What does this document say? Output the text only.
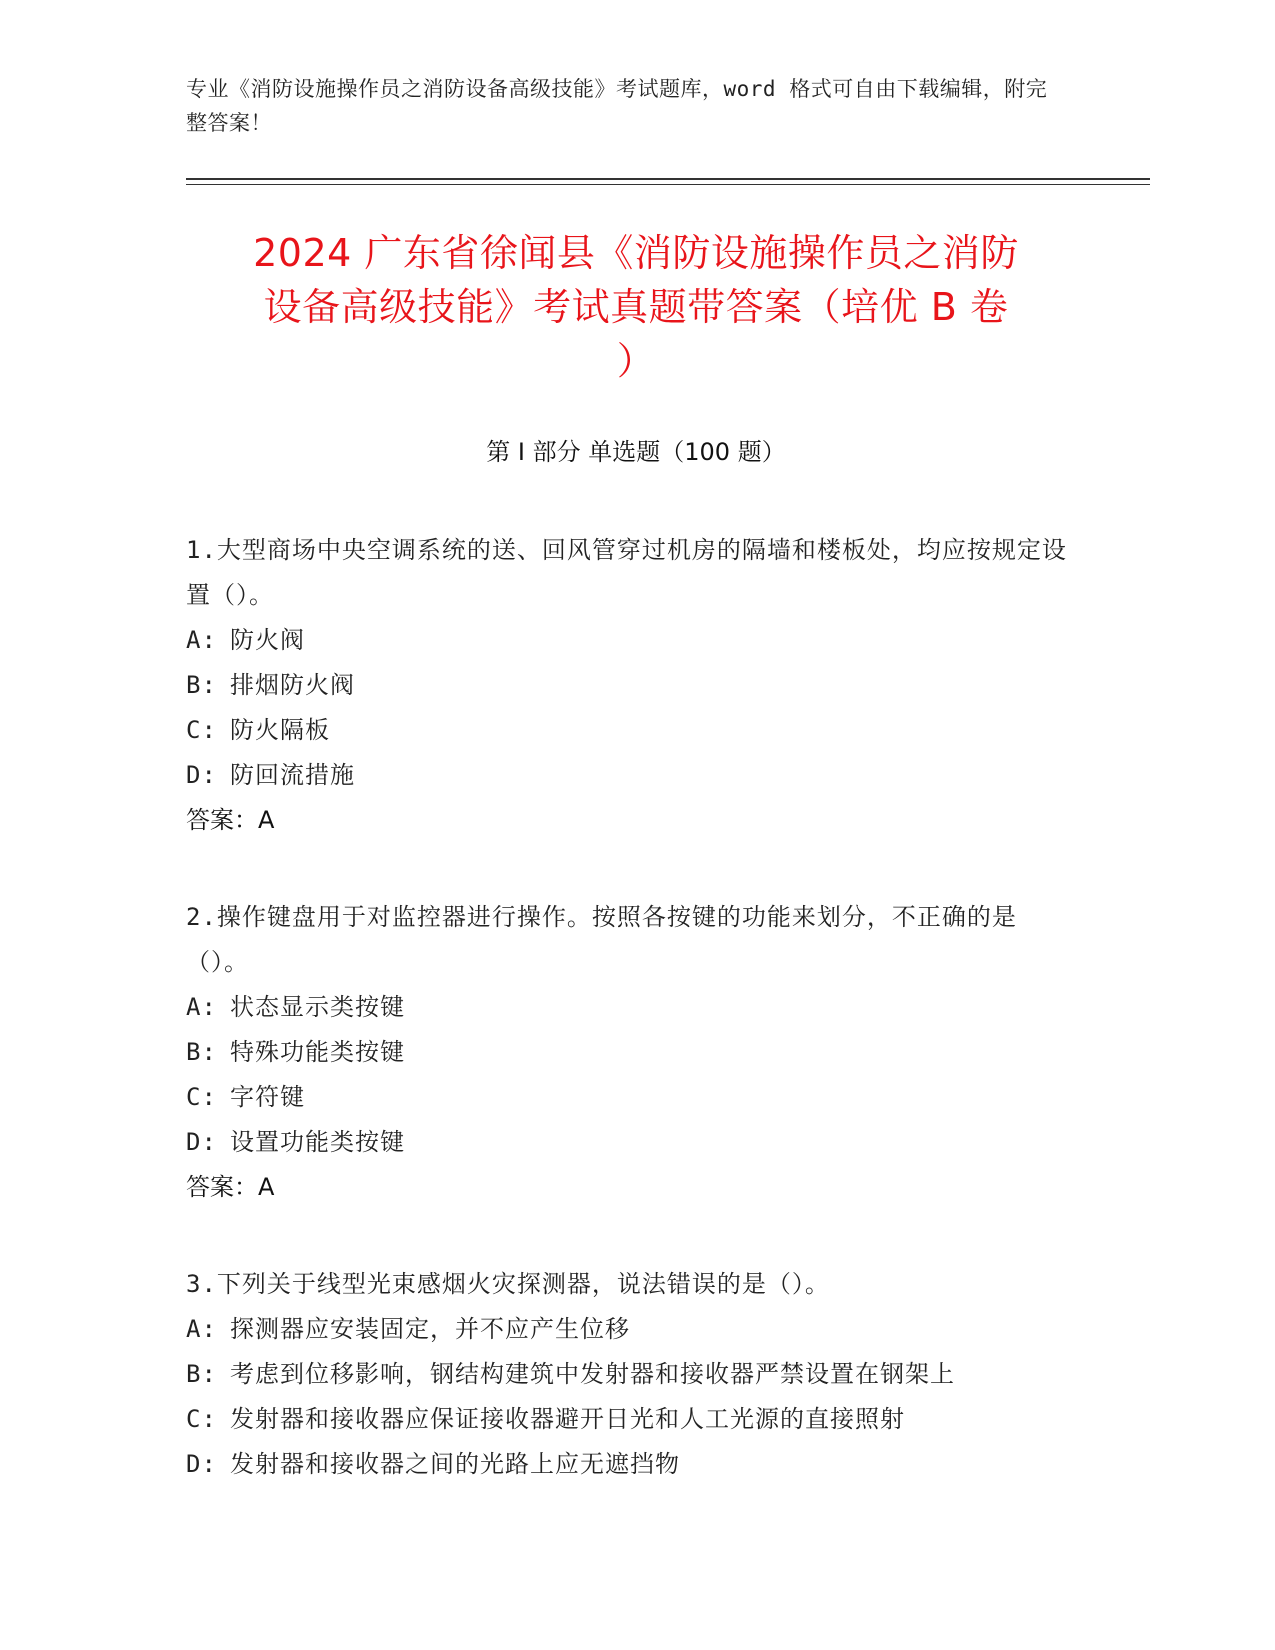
专业《消防设施操作员之消防设备高级技能》考试题库，word 格式可自由下载编辑，附完整答案！
2024 广东省徐闻县《消防设施操作员之消防
设备高级技能》考试真题带答案（培优 B 卷
）
第 I 部分 单选题（100 题）
1.大型商场中央空调系统的送、回风管穿过机房的隔墙和楼板处，均应按规定设置（）。
A: 防火阀
B: 排烟防火阀
C: 防火隔板
D: 防回流措施
答案：A
2.操作键盘用于对监控器进行操作。按照各按键的功能来划分，不正确的是（）。
A: 状态显示类按键
B: 特殊功能类按键
C: 字符键
D: 设置功能类按键
答案：A
3.下列关于线型光束感烟火灾探测器，说法错误的是（）。
A: 探测器应安装固定，并不应产生位移
B: 考虑到位移影响，钢结构建筑中发射器和接收器严禁设置在钢架上
C: 发射器和接收器应保证接收器避开日光和人工光源的直接照射
D: 发射器和接收器之间的光路上应无遮挡物
